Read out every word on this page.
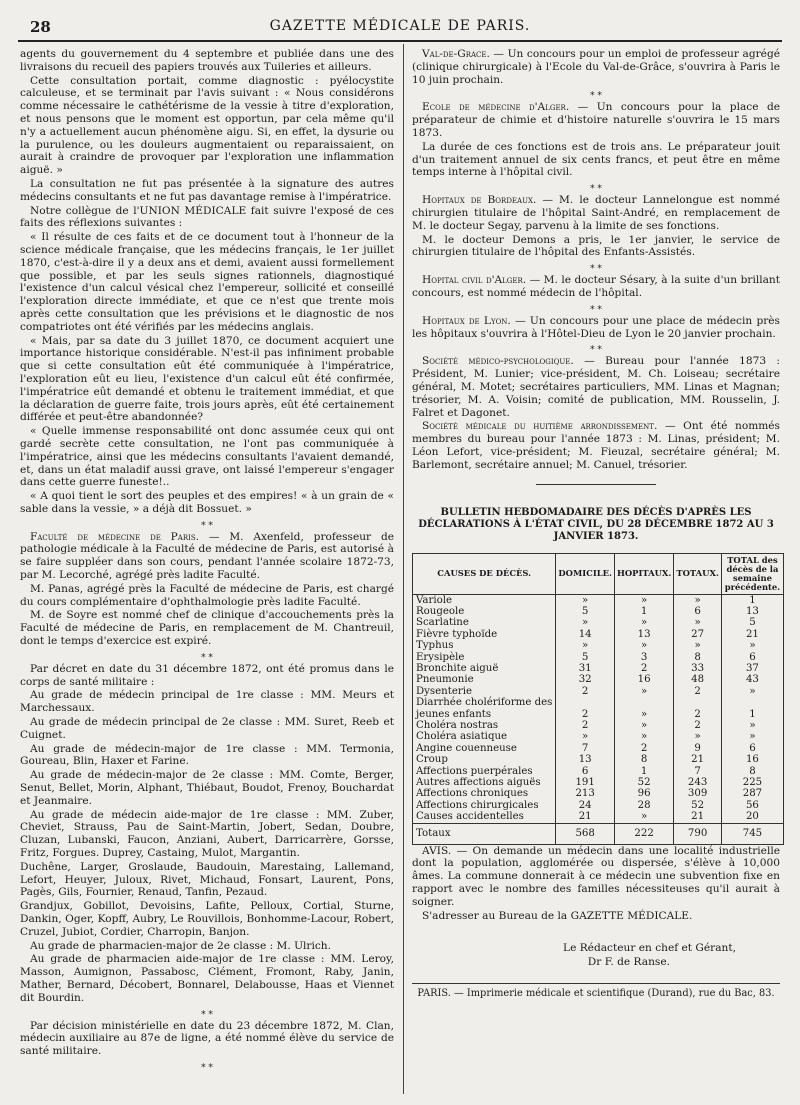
28	GAZETTE MÉDICALE DE PARIS.

agents du gouvernement du 4 septembre et publiée dans une des livraisons du recueil des papiers trouvés aux Tuileries et ailleurs.

Cette consultation portait, comme diagnostic : pyélocystite calculeuse, et se terminait par l'avis suivant : « Nous considérons comme nécessaire le cathétérisme de la vessie à titre d'exploration, et nous pensons que le moment est opportun, par cela même qu'il n'y a actuellement aucun phénomène aigu. Si, en effet, la dysurie ou la purulence, ou les douleurs augmentaient ou reparaissaient, on aurait à craindre de provoquer par l'exploration une inflammation aiguë. »

La consultation ne fut pas présentée à la signature des autres médecins consultants et ne fut pas davantage remise à l'impératrice.

Notre collègue de l'UNION MÉDICALE fait suivre l'exposé de ces faits des réflexions suivantes :

« Il résulte de ces faits et de ce document tout à l'honneur de la science médicale française, que les médecins français, le 1er juillet 1870, c'est-à-dire il y a deux ans et demi, avaient aussi formellement que possible, et par les seuls signes rationnels, diagnostiqué l'existence d'un calcul vésical chez l'empereur, sollicité et conseillé l'exploration directe immédiate, et que ce n'est que trente mois après cette consultation que les prévisions et le diagnostic de nos compatriotes ont été vérifiés par les médecins anglais.

« Mais, par sa date du 3 juillet 1870, ce document acquiert une importance historique considérable. N'est-il pas infiniment probable que si cette consultation eût été communiquée à l'impératrice, l'exploration eût eu lieu, l'existence d'un calcul eût été confirmée, l'impératrice eût demandé et obtenu le traitement immédiat, et que la déclaration de guerre faite, trois jours après, eût été certainement différée et peut-être abandonnée?

« Quelle immense responsabilité ont donc assumée ceux qui ont gardé secrète cette consultation, ne l'ont pas communiquée à l'impératrice, ainsi que les médecins consultants l'avaient demandé, et, dans un état maladif aussi grave, ont laissé l'empereur s'engager dans cette guerre funeste!..

« A quoi tient le sort des peuples et des empires! « à un grain de « sable dans la vessie, » a déjà dit Bossuet. »

⁎ ⁎

Faculté de médecine de Paris. — M. Axenfeld, professeur de pathologie médicale à la Faculté de médecine de Paris, est autorisé à se faire suppléer dans son cours, pendant l'année scolaire 1872-73, par M. Lecorché, agrégé près ladite Faculté.

M. Panas, agrégé près la Faculté de médecine de Paris, est chargé du cours complémentaire d'ophthalmologie près ladite Faculté.

M. de Soyre est nommé chef de clinique d'accouchements près la Faculté de médecine de Paris, en remplacement de M. Chantreuil, dont le temps d'exercice est expiré.

⁎ ⁎

Par décret en date du 31 décembre 1872, ont été promus dans le corps de santé militaire :

Au grade de médecin principal de 1re classe : MM. Meurs et Marchessaux.

Au grade de médecin principal de 2e classe : MM. Suret, Reeb et Cuignet.

Au grade de médecin-major de 1re classe : MM. Termonia, Goureau, Blin, Haxer et Farine.

Au grade de médecin-major de 2e classe : MM. Comte, Berger, Senut, Bellet, Morin, Alphant, Thiébaut, Boudot, Frenoy, Bouchardat et Jeanmaire.

Au grade de médecin aide-major de 1re classe : MM. Zuber, Cheviet, Strauss, Pau de Saint-Martin, Jobert, Sedan, Doubre, Cluzan, Lubanski, Faucon, Anziani, Aubert, Darricarrère, Gorsse, Fritz, Forgues. Duprey, Castaing, Mulot, Margantin.

Duchêne, Larger, Groslaude, Baudouin, Marestaing, Lallemand, Lefort, Heuyer, Juloux, Rivet, Michaud, Fonsart, Laurent, Pons, Pagès, Gils, Fournier, Renaud, Tanfin, Pezaud.

Grandjux, Gobillot, Devoisins, Lafite, Pelloux, Cortial, Sturne, Dankin, Oger, Kopff, Aubry, Le Rouvillois, Bonhomme-Lacour, Robert, Cruzel, Jubiot, Cordier, Charropin, Banjon.

Au grade de pharmacien-major de 2e classe : M. Ulrich.

Au grade de pharmacien aide-major de 1re classe : MM. Leroy, Masson, Aumignon, Passabosc, Clément, Fromont, Raby, Janin, Mather, Bernard, Décobert, Bonnarel, Delabousse, Haas et Viennet dit Bourdin.

⁎ ⁎

Par décision ministérielle en date du 23 décembre 1872, M. Clan, médecin auxiliaire au 87e de ligne, a été nommé élève du service de santé militaire.

⁎ ⁎

Val-de-Grace. — Un concours pour un emploi de professeur agrégé (clinique chirurgicale) à l'Ecole du Val-de-Grâce, s'ouvrira à Paris le 10 juin prochain.

⁎ ⁎

Ecole de médecine d'Alger. — Un concours pour la place de préparateur de chimie et d'histoire naturelle s'ouvrira le 15 mars 1873.

La durée de ces fonctions est de trois ans. Le préparateur jouit d'un traitement annuel de six cents francs, et peut être en même temps interne à l'hôpital civil.

⁎ ⁎

Hopitaux de Bordeaux. — M. le docteur Lannelongue est nommé chirurgien titulaire de l'hôpital Saint-André, en remplacement de M. le docteur Segay, parvenu à la limite de ses fonctions.

M. le docteur Demons a pris, le 1er janvier, le service de chirurgien titulaire de l'hôpital des Enfants-Assistés.

⁎ ⁎

Hopital civil d'Alger. — M. le docteur Sésary, à la suite d'un brillant concours, est nommé médecin de l'hôpital.

⁎ ⁎

Hopitaux de Lyon. — Un concours pour une place de médecin près les hôpitaux s'ouvrira à l'Hôtel-Dieu de Lyon le 20 janvier prochain.

⁎ ⁎

Société médico-psychologique. — Bureau pour l'année 1873 : Président, M. Lunier; vice-président, M. Ch. Loiseau; secrétaire général, M. Motet; secrétaires particuliers, MM. Linas et Magnan; trésorier, M. A. Voisin; comité de publication, MM. Rousselin, J. Falret et Dagonet.

Société médicale du huitième arrondissement. — Ont été nommés membres du bureau pour l'année 1873 : M. Linas, président; M. Léon Lefort, vice-président; M. Fieuzal, secrétaire général; M. Barlemont, secrétaire annuel; M. Canuel, trésorier.

BULLETIN HEBDOMADAIRE DES DÉCÈS D'APRÈS LES DÉCLARATIONS À L'ÉTAT CIVIL, DU 28 DÉCEMBRE 1872 AU 3 JANVIER 1873.
CAUSES DE DÉCÈS.	DOMICILE.	HOPITAUX.	TOTAUX.	TOTAL des décès de la semaine précédente.
Variole	»	»	»	1
Rougeole	5	1	6	13
Scarlatine	»	»	»	5
Fièvre typhoïde	14	13	27	21
Typhus	»	»	»	»
Erysipèle	5	3	8	6
Bronchite aiguë	31	2	33	37
Pneumonie	32	16	48	43
Dysenterie	2	»	2	»
Diarrhée cholériforme des				
jeunes enfants	2	»	2	1
Choléra nostras	2	»	2	»
Choléra asiatique	»	»	»	»
Angine couenneuse	7	2	9	6
Croup	13	8	21	16
Affections puerpérales	6	1	7	8
Autres affections aiguës	191	52	243	225
Affections chroniques	213	96	309	287
Affections chirurgicales	24	28	52	56
Causes accidentelles	21	»	21	20
Totaux	568	222	790	745

AVIS. — On demande un médecin dans une localité industrielle dont la population, agglomérée ou dispersée, s'élève à 10,000 âmes. La commune donnerait à ce médecin une subvention fixe en rapport avec le nombre des familles nécessiteuses qu'il aurait à soigner.

S'adresser au Bureau de la GAZETTE MÉDICALE.

Le Rédacteur en chef et Gérant,
Dr F. de Ranse.
PARIS. — Imprimerie médicale et scientifique (Durand), rue du Bac, 83.
